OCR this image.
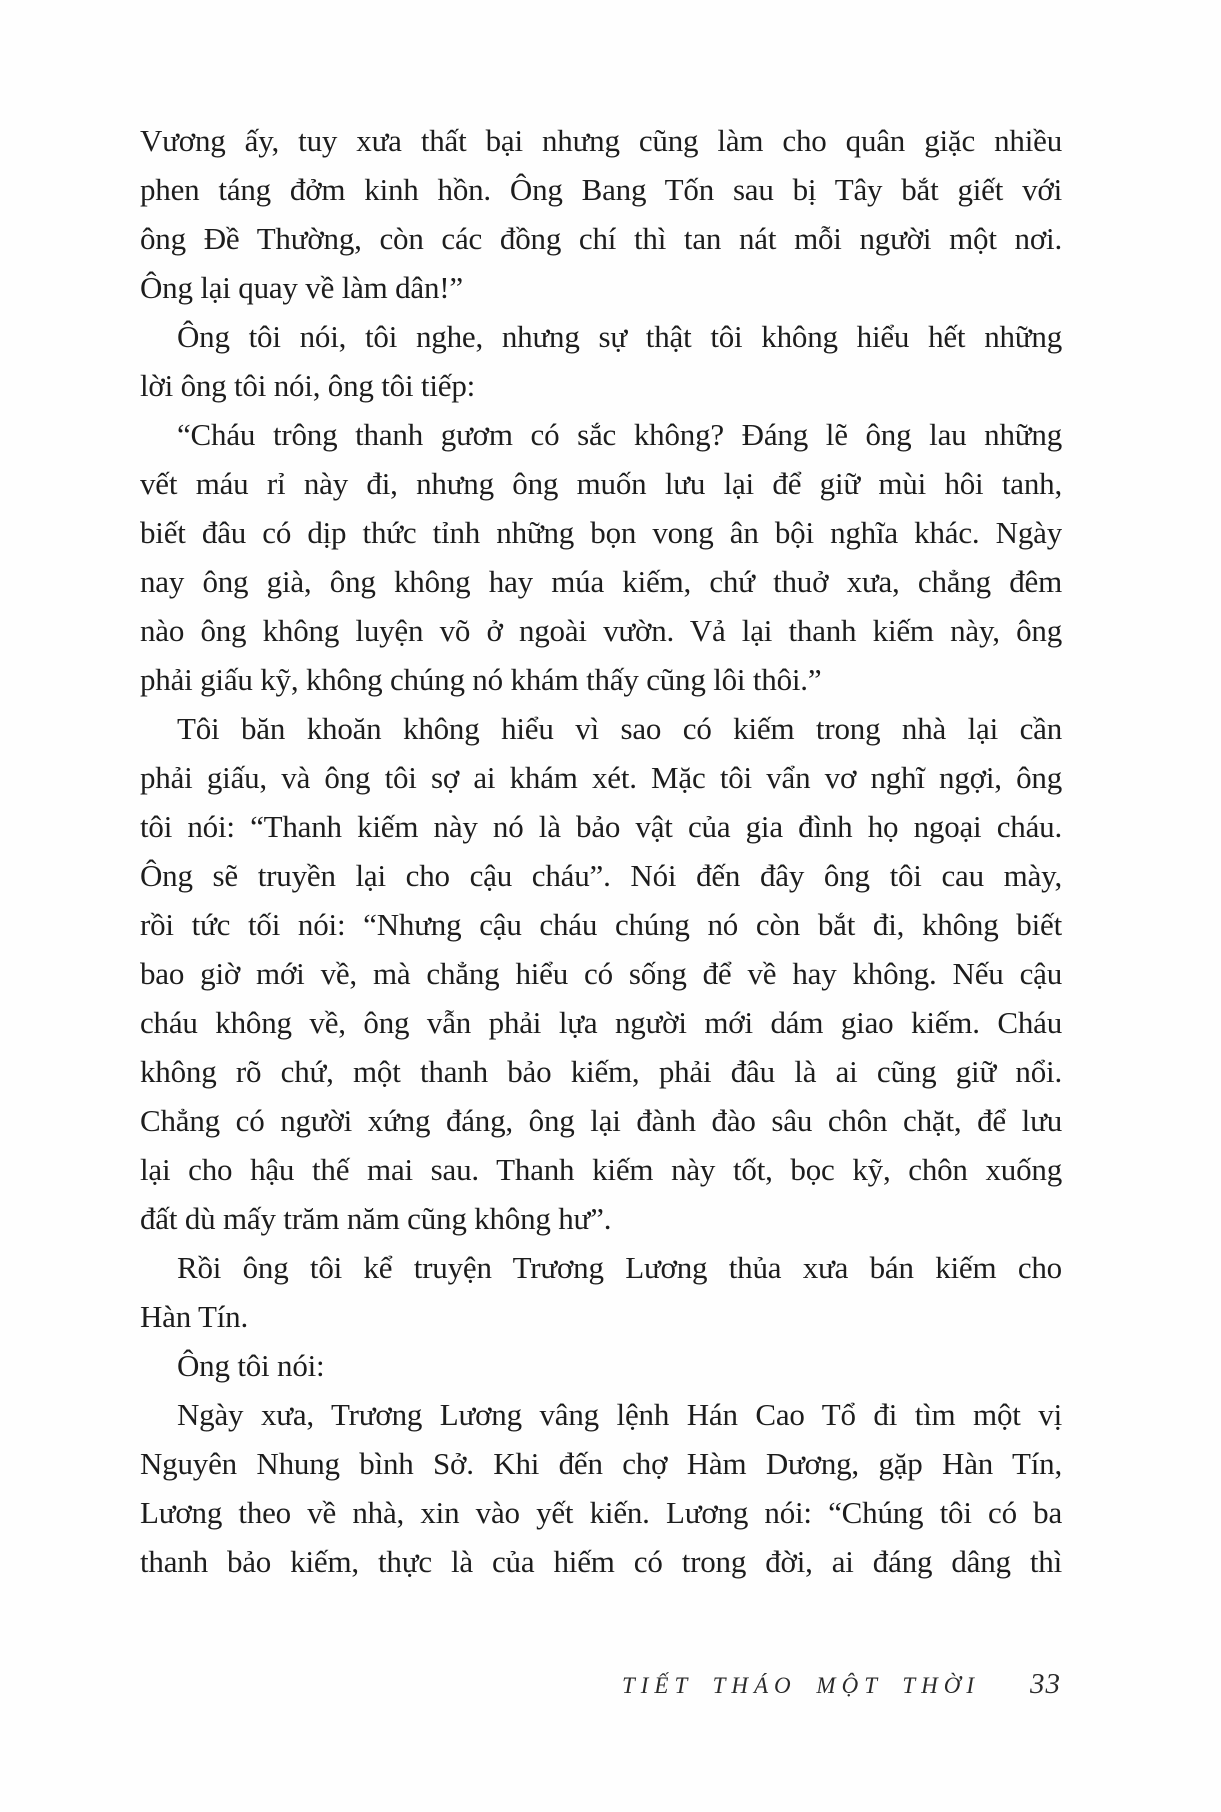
Vương ấy, tuy xưa thất bại nhưng cũng làm cho quân giặc nhiều
phen táng đởm kinh hồn. Ông Bang Tốn sau bị Tây bắt giết với
ông Đề Thường, còn các đồng chí thì tan nát mỗi người một nơi.
Ông lại quay về làm dân!”
Ông tôi nói, tôi nghe, nhưng sự thật tôi không hiểu hết những
lời ông tôi nói, ông tôi tiếp:
“Cháu trông thanh gươm có sắc không? Đáng lẽ ông lau những
vết máu rỉ này đi, nhưng ông muốn lưu lại để giữ mùi hôi tanh,
biết đâu có dịp thức tỉnh những bọn vong ân bội nghĩa khác. Ngày
nay ông già, ông không hay múa kiếm, chứ thuở xưa, chẳng đêm
nào ông không luyện võ ở ngoài vườn. Vả lại thanh kiếm này, ông
phải giấu kỹ, không chúng nó khám thấy cũng lôi thôi.”
Tôi băn khoăn không hiểu vì sao có kiếm trong nhà lại cần
phải giấu, và ông tôi sợ ai khám xét. Mặc tôi vẩn vơ nghĩ ngợi, ông
tôi nói: “Thanh kiếm này nó là bảo vật của gia đình họ ngoại cháu.
Ông sẽ truyền lại cho cậu cháu”. Nói đến đây ông tôi cau mày,
rồi tức tối nói: “Nhưng cậu cháu chúng nó còn bắt đi, không biết
bao giờ mới về, mà chẳng hiểu có sống để về hay không. Nếu cậu
cháu không về, ông vẫn phải lựa người mới dám giao kiếm. Cháu
không rõ chứ, một thanh bảo kiếm, phải đâu là ai cũng giữ nổi.
Chẳng có người xứng đáng, ông lại đành đào sâu chôn chặt, để lưu
lại cho hậu thế mai sau. Thanh kiếm này tốt, bọc kỹ, chôn xuống
đất dù mấy trăm năm cũng không hư”.
Rồi ông tôi kể truyện Trương Lương thủa xưa bán kiếm cho
Hàn Tín.
Ông tôi nói:
Ngày xưa, Trương Lương vâng lệnh Hán Cao Tổ đi tìm một vị
Nguyên Nhung bình Sở. Khi đến chợ Hàm Dương, gặp Hàn Tín,
Lương theo về nhà, xin vào yết kiến. Lương nói: “Chúng tôi có ba
thanh bảo kiếm, thực là của hiếm có trong đời, ai đáng dâng thì
TIẾT THÁO MỘT THỜI 33
